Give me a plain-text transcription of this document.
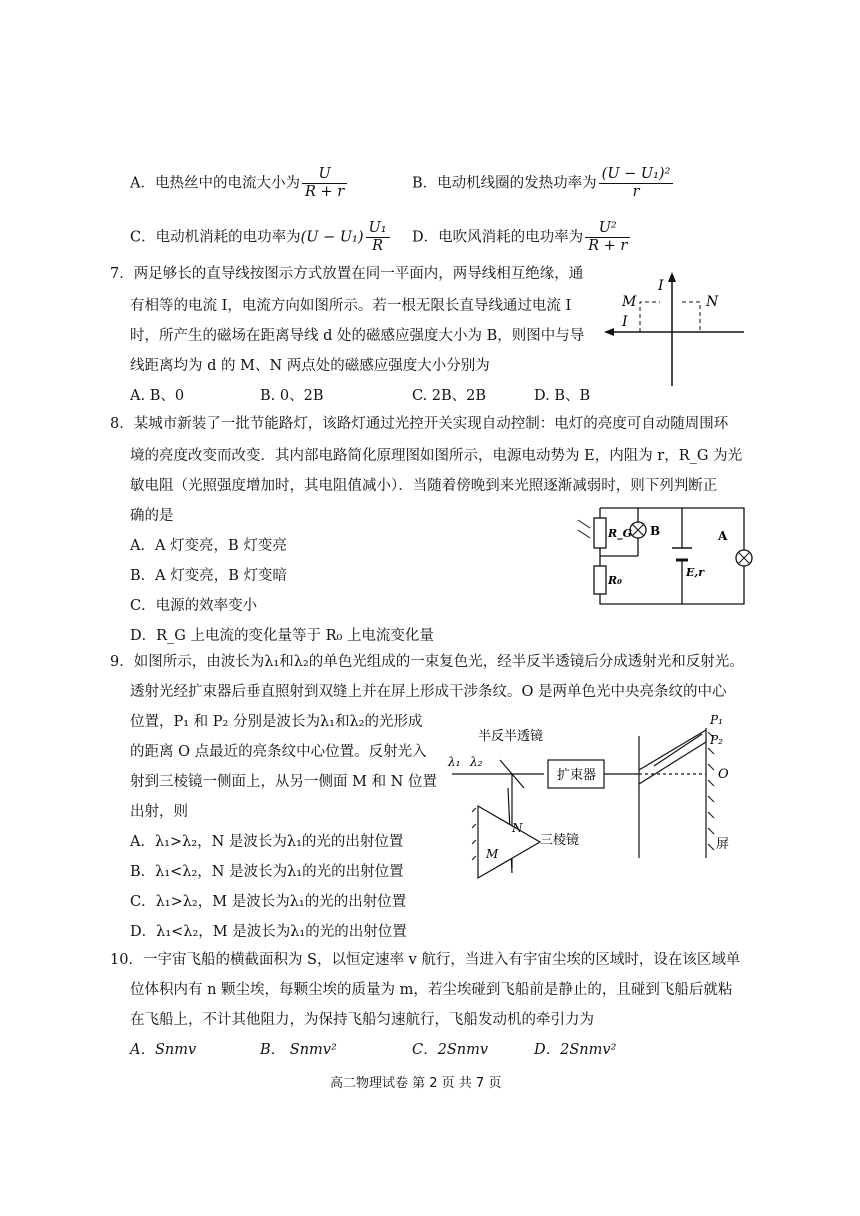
A．电热丝中的电流大小为 $\frac{U}{R + r}$	B．电动机线圈的发热功率为 $\frac{\text{(U − U₁)²}}{r}$
C．电动机消耗的电功率为$(U - U_1) \frac{\text{U₁}}{R}$ D．电吹风消耗的电功率为 $\frac{\text{U²}}{R + r}$
7．两足够长的直导线按图示方式放置在同一平面内，两导线相互绝缘，通
有相等的电流 I，电流方向如图所示。若一根无限长直导线通过电流 I
时，所产生的磁场在距离导线 d 处的磁感应强度大小为 B，则图中与导
线距离均为 d 的 M、N 两点处的磁感应强度大小分别为
A. B、0	B. 0、2B	C. 2B、2B	D. B、B
I
M	N
I
8．某城市新装了一批节能路灯，该路灯通过光控开关实现自动控制：电灯的亮度可自动随周围环
境的亮度改变而改变．其内部电路简化原理图如图所示，电源电动势为 E，内阻为 r，R_G 为光
敏电阻（光照强度增加时，其电阻值减小）．当随着傍晚到来光照逐渐减弱时，则下列判断正
确的是
A．A 灯变亮，B 灯变亮
B．A 灯变亮，B 灯变暗
C．电源的效率变小
D．R_G 上电流的变化量等于 R₀ 上电流变化量
R_G B	A
R₀
E,r
9．如图所示，由波长为λ₁和λ₂的单色光组成的一束复色光，经半反半透镜后分成透射光和反射光。
透射光经扩束器后垂直照射到双缝上并在屏上形成干涉条纹。O 是两单色光中央亮条纹的中心
位置，P₁ 和 P₂ 分别是波长为λ₁和λ₂的光形成
的距离 O 点最近的亮条纹中心位置。反射光入
射到三棱镜一侧面上，从另一侧面 M 和 N 位置
出射，则
A．λ₁>λ₂，N 是波长为λ₁的光的出射位置
B．λ₁<λ₂，N 是波长为λ₁的光的出射位置
C．λ₁>λ₂，M 是波长为λ₁的光的出射位置
D．λ₁<λ₂，M 是波长为λ₁的光的出射位置
半反半透镜
λ₁ λ₂
扩束器
P₁
P₂
O
三棱镜	屏
M
N
10．一宇宙飞船的横截面积为 S，以恒定速率 v 航行，当进入有宇宙尘埃的区域时，设在该区域单
位体积内有 n 颗尘埃，每颗尘埃的质量为 m，若尘埃碰到飞船前是静止的，且碰到飞船后就粘
在飞船上，不计其他阻力，为保持飞船匀速航行，飞船发动机的牵引力为
A．Snmv	B． Snmv²	C．2Snmv	D．2Snmv²
高二物理试卷 第 2 页 共 7 页
